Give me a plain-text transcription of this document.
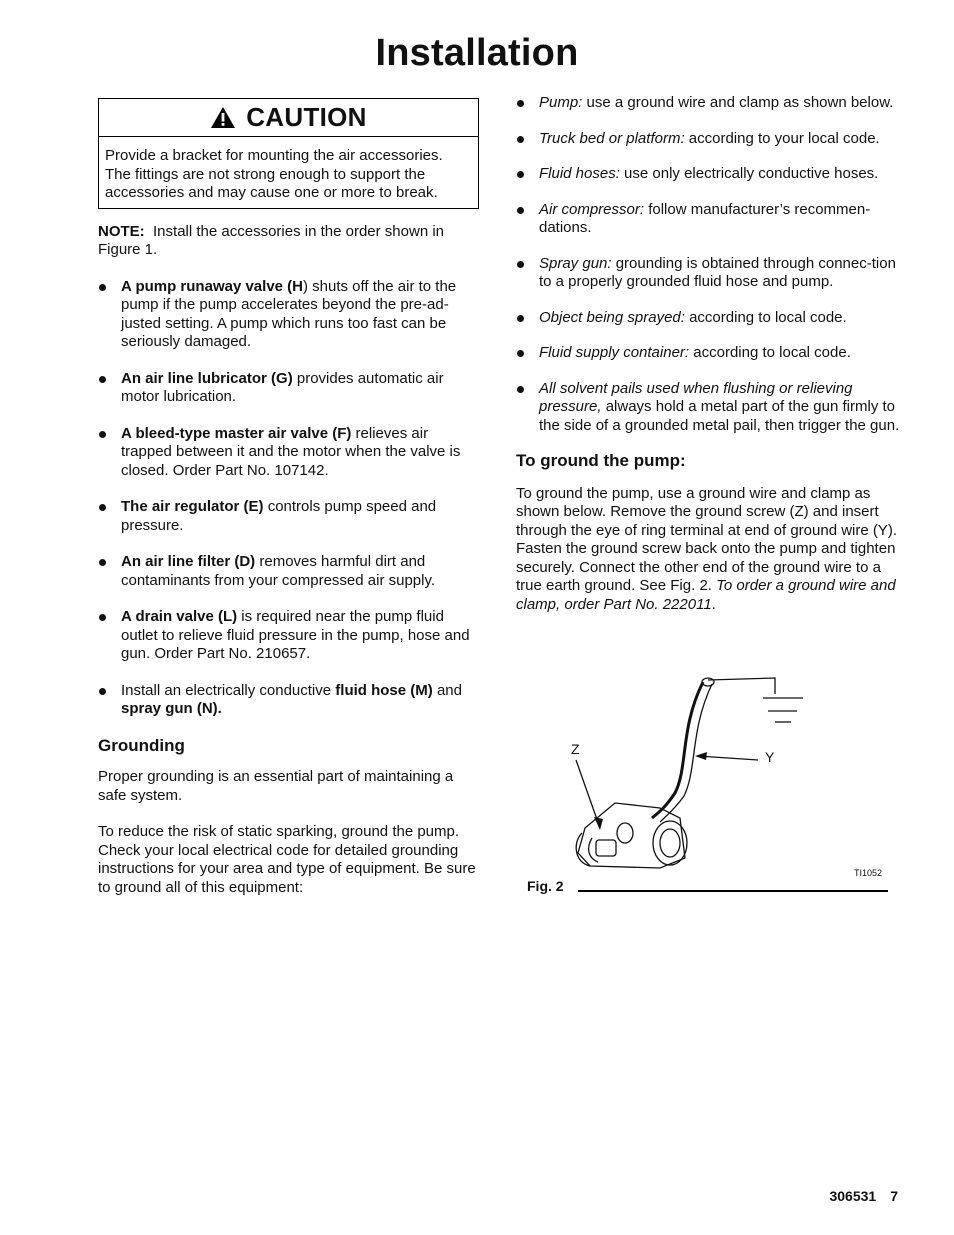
Installation
CAUTION
Provide a bracket for mounting the air accessories. The fittings are not strong enough to support the accessories and may cause one or more to break.

NOTE: Install the accessories in the order shown in Figure 1.

A pump runaway valve (H) shuts off the air to the pump if the pump accelerates beyond the pre-ad-justed setting. A pump which runs too fast can be seriously damaged.
An air line lubricator (G) provides automatic air motor lubrication.
A bleed-type master air valve (F) relieves air trapped between it and the motor when the valve is closed. Order Part No. 107142.
The air regulator (E) controls pump speed and pressure.
An air line filter (D) removes harmful dirt and contaminants from your compressed air supply.
A drain valve (L) is required near the pump fluid outlet to relieve fluid pressure in the pump, hose and gun. Order Part No. 210657.
Install an electrically conductive fluid hose (M) and spray gun (N).
Grounding

Proper grounding is an essential part of maintaining a safe system.

To reduce the risk of static sparking, ground the pump. Check your local electrical code for detailed grounding instructions for your area and type of equipment. Be sure to ground all of this equipment:

Pump: use a ground wire and clamp as shown below.
Truck bed or platform: according to your local code.
Fluid hoses: use only electrically conductive hoses.
Air compressor: follow manufacturer’s recommen-dations.
Spray gun: grounding is obtained through connec-tion to a properly grounded fluid hose and pump.
Object being sprayed: according to local code.
Fluid supply container: according to local code.
All solvent pails used when flushing or relieving pressure, always hold a metal part of the gun firmly to the side of a grounded metal pail, then trigger the gun.
To ground the pump:

To ground the pump, use a ground wire and clamp as shown below. Remove the ground screw (Z) and insert through the eye of ring terminal at end of ground wire (Y). Fasten the ground screw back onto the pump and tighten securely. Connect the other end of the ground wire to a true earth ground. See Fig. 2. To order a ground wire and clamp, order Part No. 222011.

Z	Y
TI1052
Fig. 2
306531 7
